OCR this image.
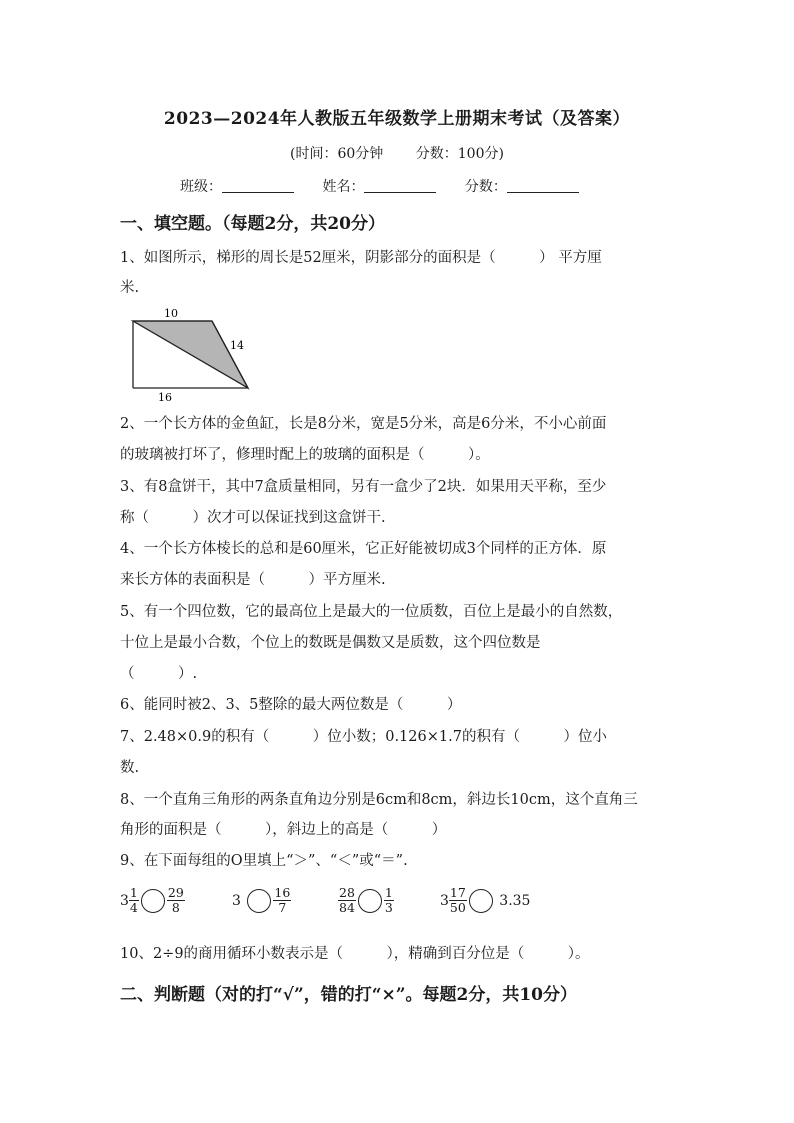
2023—2024年人教版五年级数学上册期末考试（及答案）
(时间：60分钟 分数：100分)
班级：	姓名：	分数：
一、填空题。（每题2分，共20分）
1、如图所示，梯形的周长是52厘米，阴影部分的面积是（　　　） 平方厘
米.
10
14
16
2、一个长方体的金鱼缸，长是8分米，宽是5分米，高是6分米，不小心前面
的玻璃被打坏了，修理时配上的玻璃的面积是（　　　）。
3、有8盒饼干，其中7盒质量相同，另有一盒少了2块．如果用天平称，至少
称（　　　）次才可以保证找到这盒饼干.
4、一个长方体棱长的总和是60厘米，它正好能被切成3个同样的正方体．原
来长方体的表面积是（　　　）平方厘米.
5、有一个四位数，它的最高位上是最大的一位质数，百位上是最小的自然数，
十位上是最小合数，个位上的数既是偶数又是质数，这个四位数是
（　　　）.
6、能同时被2、3、5整除的最大两位数是（　　　）
7、2.48×0.9的积有（　　　）位小数；0.126×1.7的积有（　　　）位小
数.
8、一个直角三角形的两条直角边分别是6cm和8cm，斜边长10cm，这个直角三
角形的面积是（　　　），斜边上的高是（　　　）
9、在下面每组的O里填上“＞”、“＜”或“＝”.
$3 \frac{1}{4} \frac{29}{8}$	3	$\frac{16}{7}$	$\frac{28}{84} \frac{1}{3}$	$3 \frac{17}{50} 3.35$
10、2÷9的商用循环小数表示是（　　　），精确到百分位是（　　　）。
二、判断题（对的打“√”，错的打“×”。每题2分，共10分）
